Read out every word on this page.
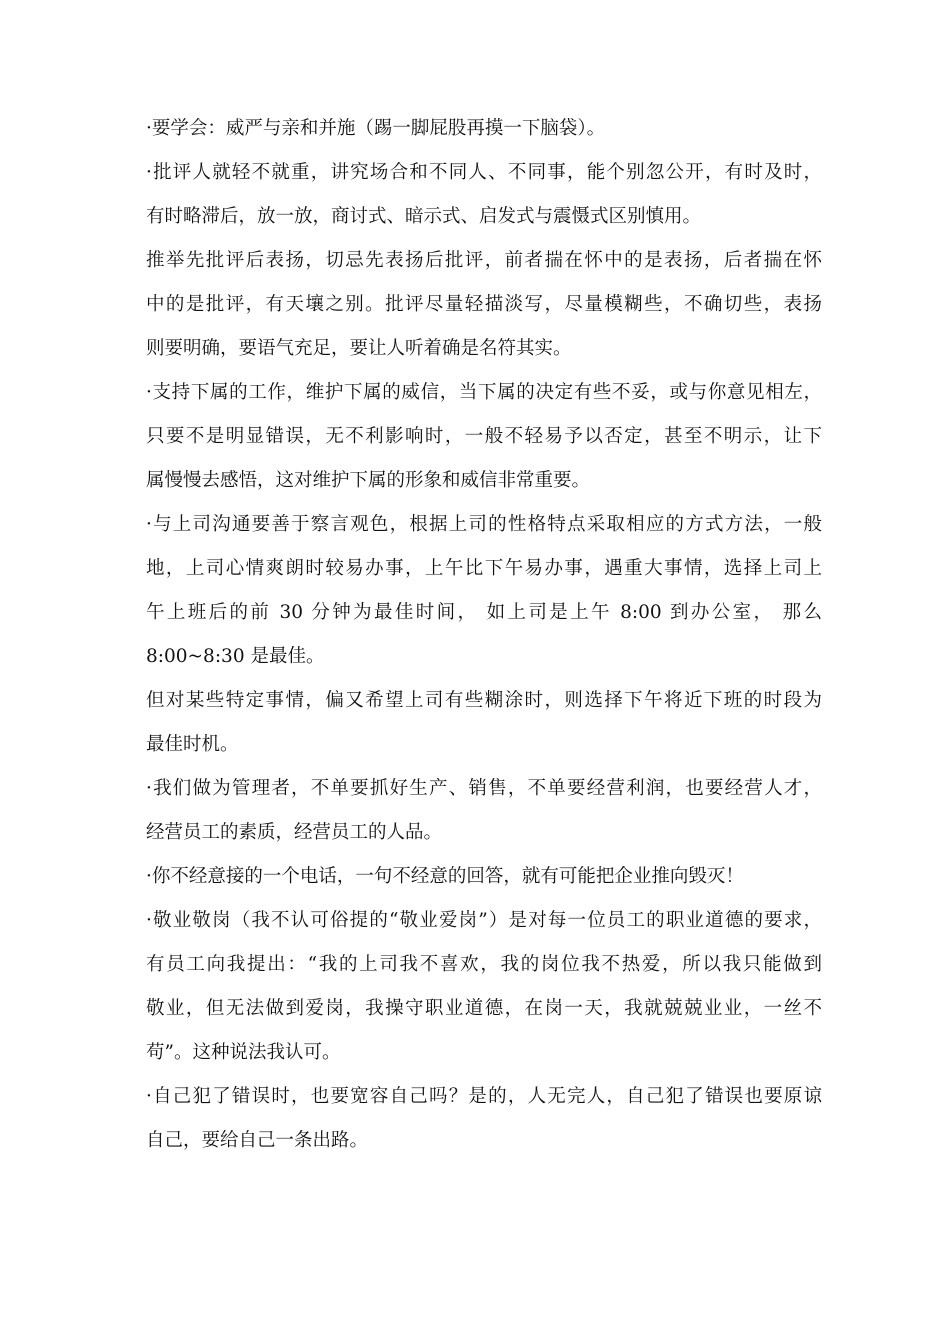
·要学会：威严与亲和并施（踢一脚屁股再摸一下脑袋）。
·批评人就轻不就重，讲究场合和不同人、不同事，能个别忽公开，有时及时，
有时略滞后，放一放，商讨式、暗示式、启发式与震慑式区别慎用。
推举先批评后表扬，切忌先表扬后批评，前者揣在怀中的是表扬，后者揣在怀
中的是批评，有天壤之别。批评尽量轻描淡写，尽量模糊些，不确切些，表扬
则要明确，要语气充足，要让人听着确是名符其实。
·支持下属的工作，维护下属的威信，当下属的决定有些不妥，或与你意见相左，
只要不是明显错误，无不利影响时，一般不轻易予以否定，甚至不明示，让下
属慢慢去感悟，这对维护下属的形象和威信非常重要。
·与上司沟通要善于察言观色，根据上司的性格特点采取相应的方式方法，一般
地，上司心情爽朗时较易办事，上午比下午易办事，遇重大事情，选择上司上
午上班后的前 30 分钟为最佳时间， 如上司是上午 8:00 到办公室， 那么
8:00~8:30 是最佳。
但对某些特定事情，偏又希望上司有些糊涂时，则选择下午将近下班的时段为
最佳时机。
·我们做为管理者，不单要抓好生产、销售，不单要经营利润，也要经营人才，
经营员工的素质，经营员工的人品。
·你不经意接的一个电话，一句不经意的回答，就有可能把企业推向毁灭！
·敬业敬岗（我不认可俗提的“敬业爱岗”）是对每一位员工的职业道德的要求，
有员工向我提出：“我的上司我不喜欢，我的岗位我不热爱，所以我只能做到
敬业，但无法做到爱岗，我操守职业道德，在岗一天，我就兢兢业业，一丝不
苟”。这种说法我认可。
·自己犯了错误时，也要宽容自己吗？是的，人无完人，自己犯了错误也要原谅
自己，要给自己一条出路。
